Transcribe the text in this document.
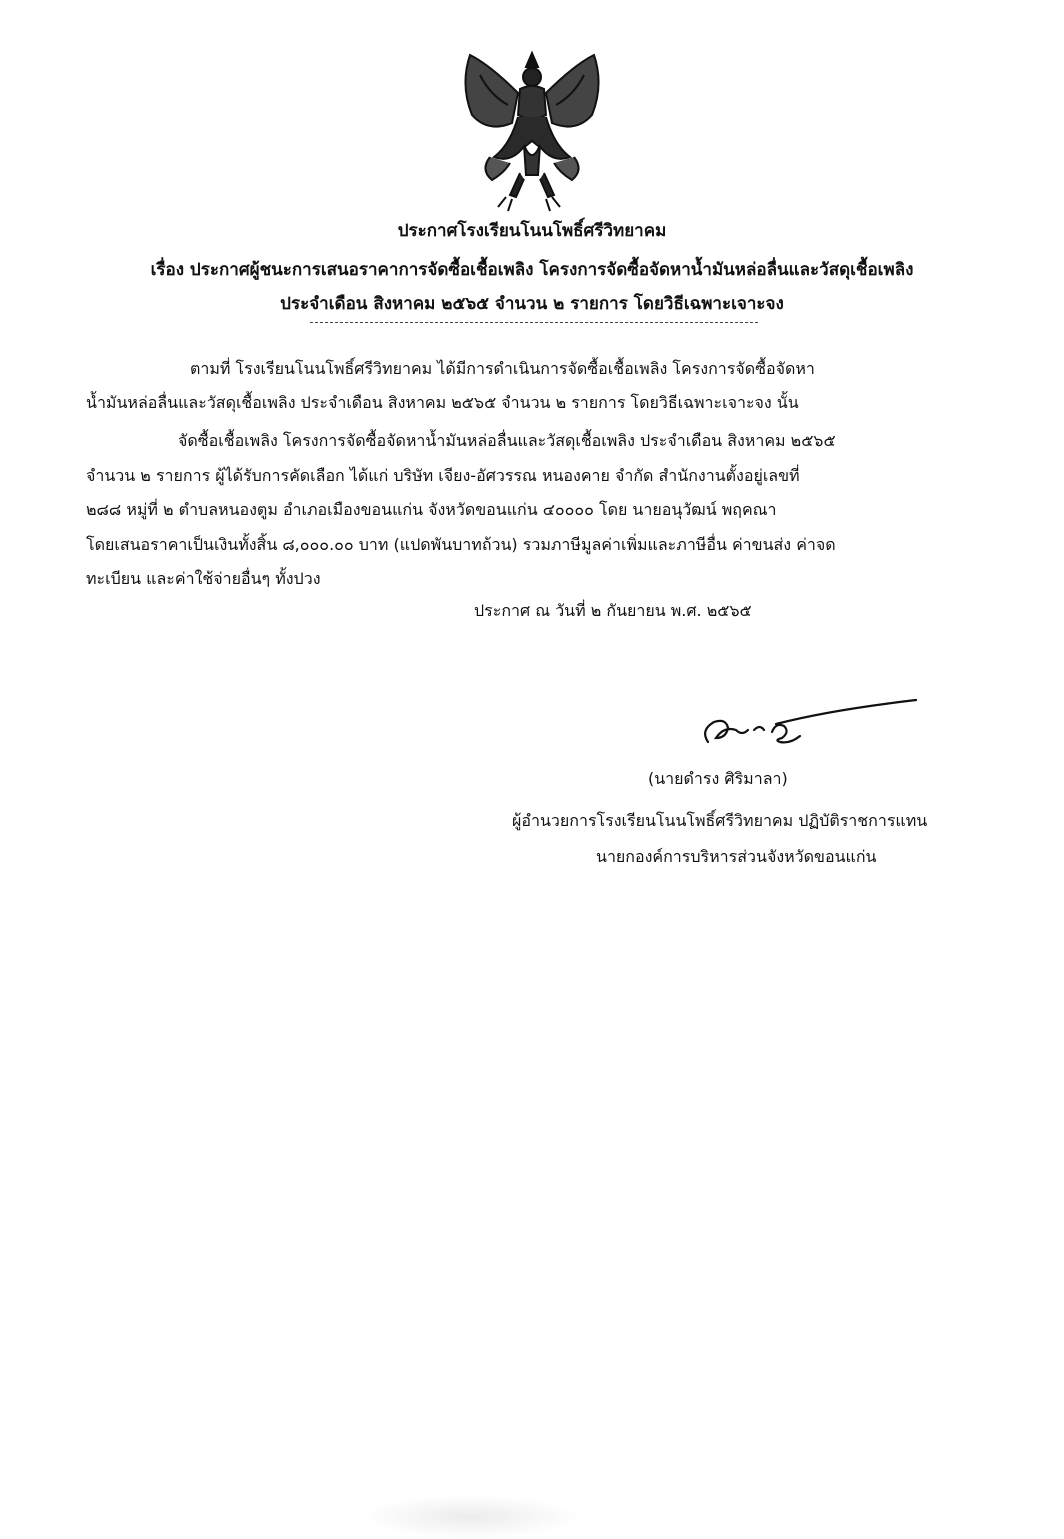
ประกาศโรงเรียนโนนโพธิ์ศรีวิทยาคม
เรื่อง ประกาศผู้ชนะการเสนอราคาการจัดซื้อเชื้อเพลิง โครงการจัดซื้อจัดหาน้ำมันหล่อลื่นและวัสดุเชื้อเพลิง
ประจำเดือน สิงหาคม ๒๕๖๕ จำนวน ๒ รายการ โดยวิธีเฉพาะเจาะจง
ตามที่ โรงเรียนโนนโพธิ์ศรีวิทยาคม ได้มีการดำเนินการจัดซื้อเชื้อเพลิง โครงการจัดซื้อจัดหา
น้ำมันหล่อลื่นและวัสดุเชื้อเพลิง ประจำเดือน สิงหาคม ๒๕๖๕ จำนวน ๒ รายการ โดยวิธีเฉพาะเจาะจง นั้น
จัดซื้อเชื้อเพลิง โครงการจัดซื้อจัดหาน้ำมันหล่อลื่นและวัสดุเชื้อเพลิง ประจำเดือน สิงหาคม ๒๕๖๕
จำนวน ๒ รายการ ผู้ได้รับการคัดเลือก ได้แก่ บริษัท เจียง-อัศวรรณ หนองคาย จำกัด สำนักงานตั้งอยู่เลขที่
๒๘๘ หมู่ที่ ๒ ตำบลหนองตูม อำเภอเมืองขอนแก่น จังหวัดขอนแก่น ๔๐๐๐๐ โดย นายอนุวัฒน์ พฤคณา
โดยเสนอราคาเป็นเงินทั้งสิ้น ๘,๐๐๐.๐๐ บาท (แปดพันบาทถ้วน) รวมภาษีมูลค่าเพิ่มและภาษีอื่น ค่าขนส่ง ค่าจด
ทะเบียน และค่าใช้จ่ายอื่นๆ ทั้งปวง
ประกาศ ณ วันที่ ๒ กันยายน พ.ศ. ๒๕๖๕
(นายดำรง ศิริมาลา)
ผู้อำนวยการโรงเรียนโนนโพธิ์ศรีวิทยาคม ปฏิบัติราชการแทน
นายกองค์การบริหารส่วนจังหวัดขอนแก่น
